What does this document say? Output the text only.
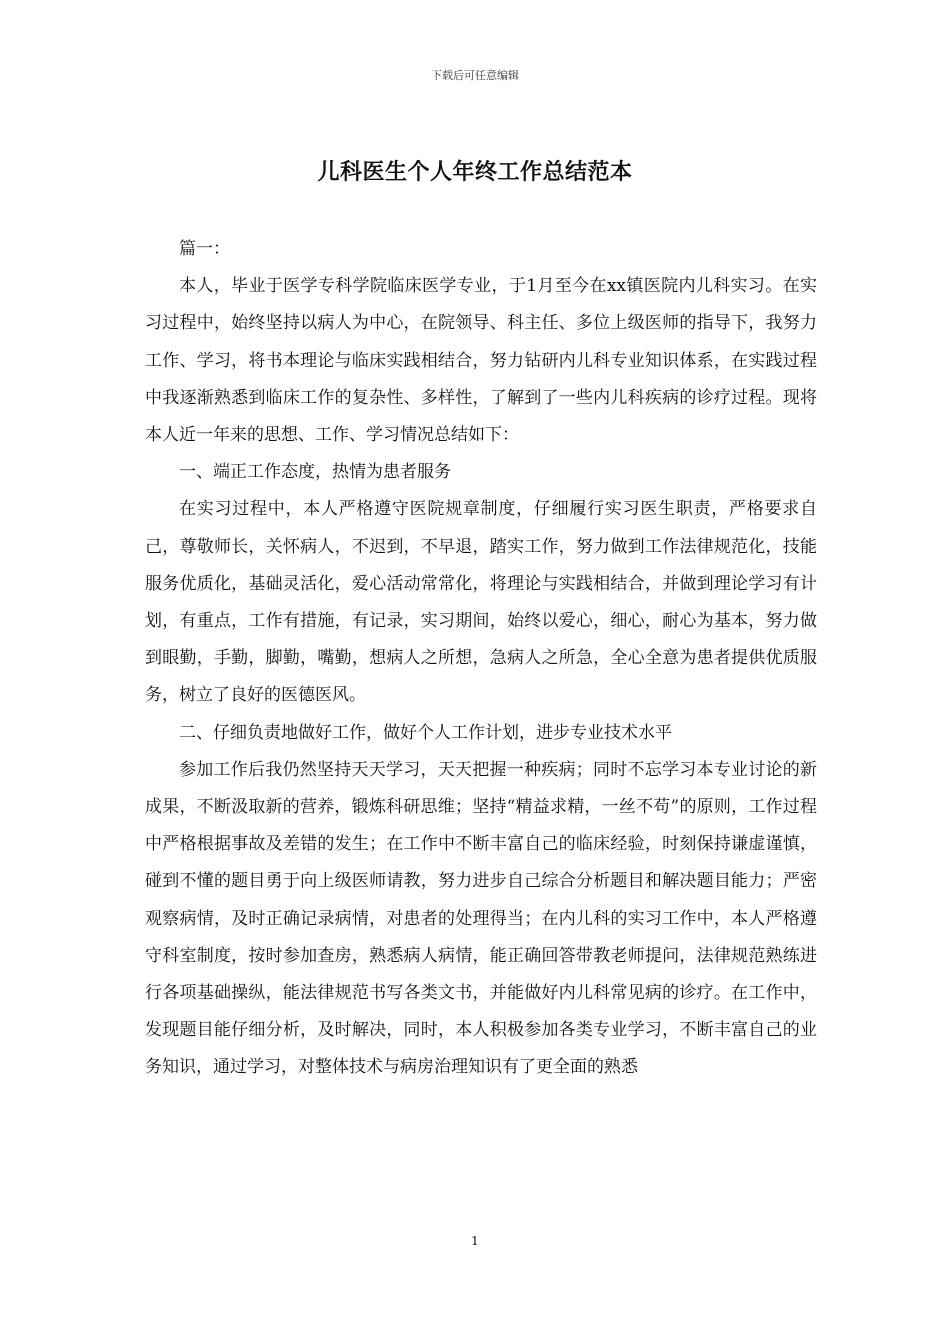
下载后可任意编辑
儿科医生个人年终工作总结范本

篇一：

本人，毕业于医学专科学院临床医学专业，于1月至今在xx镇医院内儿科实习。在实习过程中，始终坚持以病人为中心，在院领导、科主任、多位上级医师的指导下，我努力工作、学习，将书本理论与临床实践相结合，努力钻研内儿科专业知识体系，在实践过程中我逐渐熟悉到临床工作的复杂性、多样性，了解到了一些内儿科疾病的诊疗过程。现将本人近一年来的思想、工作、学习情况总结如下：

一、端正工作态度，热情为患者服务

在实习过程中，本人严格遵守医院规章制度，仔细履行实习医生职责，严格要求自己，尊敬师长，关怀病人，不迟到，不早退，踏实工作，努力做到工作法律规范化，技能服务优质化，基础灵活化，爱心活动常常化，将理论与实践相结合，并做到理论学习有计划，有重点，工作有措施，有记录，实习期间，始终以爱心，细心，耐心为基本，努力做到眼勤，手勤，脚勤，嘴勤，想病人之所想，急病人之所急，全心全意为患者提供优质服务，树立了良好的医德医风。

二、仔细负责地做好工作，做好个人工作计划，进步专业技术水平

参加工作后我仍然坚持天天学习，天天把握一种疾病；同时不忘学习本专业讨论的新成果，不断汲取新的营养，锻炼科研思维；坚持“精益求精，一丝不苟”的原则，工作过程中严格根据事故及差错的发生；在工作中不断丰富自己的临床经验，时刻保持谦虚谨慎，碰到不懂的题目勇于向上级医师请教，努力进步自己综合分析题目和解决题目能力；严密观察病情，及时正确记录病情，对患者的处理得当；在内儿科的实习工作中，本人严格遵守科室制度，按时参加查房，熟悉病人病情，能正确回答带教老师提问，法律规范熟练进行各项基础操纵，能法律规范书写各类文书，并能做好内儿科常见病的诊疗。在工作中，发现题目能仔细分析，及时解决，同时，本人积极参加各类专业学习，不断丰富自己的业务知识，通过学习，对整体技术与病房治理知识有了更全面的熟悉

1
